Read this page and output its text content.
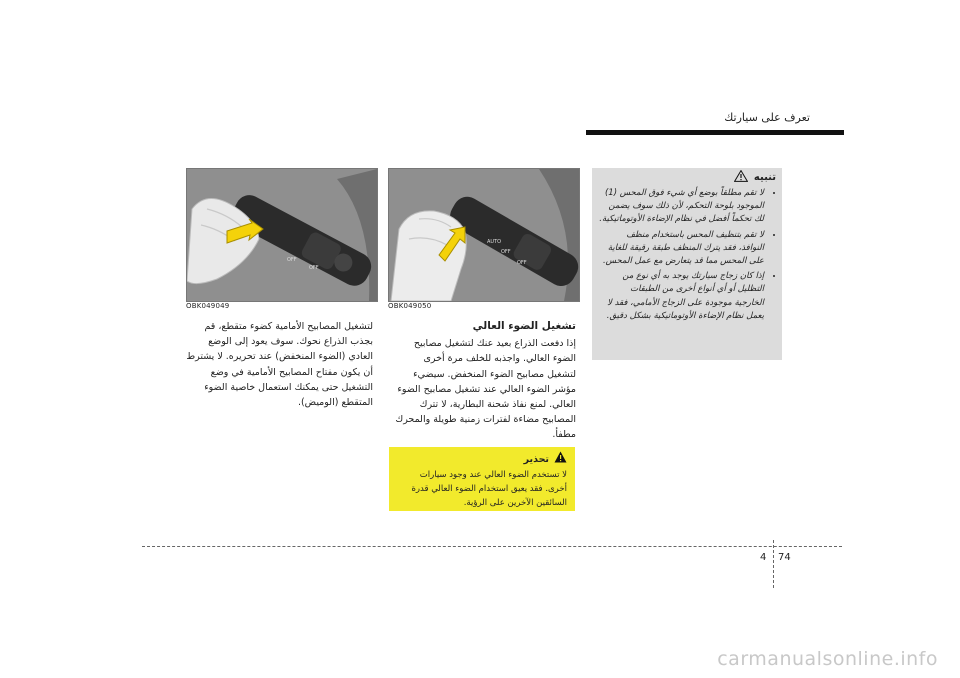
ﺗﻌﺮف ﻋﻠﻰ ﺳﻴﺎرﺗﻚ
OFF
OFF
OBK049049
AUTO
OFF
OFF
OBK049050
ﻟﺘﺸﻐﻴﻞ اﻟﻤﺼﺎﺑﻴﺢ اﻷﻣﺎﻣﻴﺔ ﻛﻀﻮء ﻣﺘﻘﻄﻊ، ﻗﻢ ﺑﺠﺬب اﻟﺬراع ﻧﺤﻮك. ﺳﻮف ﻳﻌﻮد إﻟﻰ اﻟﻮﺿﻊ اﻟﻌﺎدي (اﻟﻀﻮء اﻟﻤﻨﺨﻔﺾ) ﻋﻨﺪ ﺗﺤﺮﻳﺮه. ﻻ ﻳﺸﺘﺮط أن ﻳﻜﻮن ﻣﻔﺘﺎح اﻟﻤﺼﺎﺑﻴﺢ اﻷﻣﺎﻣﻴﺔ ﻓﻲ وﺿﻊ اﻟﺘﺸﻐﻴﻞ ﺣﺘﻰ ﻳﻤﻜﻨﻚ اﺳﺘﻌﻤﺎل ﺧﺎﺻﻴﺔ اﻟﻀﻮء اﻟﻤﺘﻘﻄﻊ (اﻟﻮﻣﻴﺾ).
ﺗﺸﻐﻴﻞ اﻟﻀﻮء اﻟﻌﺎﻟﻲ
إذا دﻓﻌﺖ اﻟﺬراع ﺑﻌﻴﺪ ﻋﻨﻚ ﻟﺘﺸﻐﻴﻞ ﻣﺼﺎﺑﻴﺢ اﻟﻀﻮء اﻟﻌﺎﻟﻲ. واﺟﺬﺑﻪ ﻟﻠﺨﻠﻒ ﻣﺮة أﺧﺮى ﻟﺘﺸﻐﻴﻞ ﻣﺼﺎﺑﻴﺢ اﻟﻀﻮء اﻟﻤﻨﺨﻔﺾ. ﺳﻴﻀﻲء ﻣﺆﺷﺮ اﻟﻀﻮء اﻟﻌﺎﻟﻲ ﻋﻨﺪ ﺗﺸﻐﻴﻞ ﻣﺼﺎﺑﻴﺢ اﻟﻀﻮء اﻟﻌﺎﻟﻲ. ﻟﻤﻨﻊ ﻧﻔﺎذ ﺷﺤﻨﺔ اﻟﺒﻄﺎرﻳﺔ، ﻻ ﺗﺘﺮك اﻟﻤﺼﺎﺑﻴﺢ ﻣﻀﺎءة ﻟﻔﺘﺮات زﻣﻨﻴﺔ ﻃﻮﻳﻠﺔ واﻟﻤﺤﺮك ﻣﻄﻔﺄ.
ﺗﺤﺬﻳﺮ
ﻻ ﺗﺴﺘﺨﺪم اﻟﻀﻮء اﻟﻌﺎﻟﻲ ﻋﻨﺪ وﺟﻮد ﺳﻴﺎرات أﺧﺮى. ﻓﻘﺪ ﻳﻌﻴﻖ اﺳﺘﺨﺪام اﻟﻀﻮء اﻟﻌﺎﻟﻲ ﻗﺪرة اﻟﺴﺎﺋﻘﻴﻦ اﻵﺧﺮﻳﻦ ﻋﻠﻰ اﻟﺮؤﻳﺔ.
ﺗﻨﺒﻴﻪ
• ﻻ ﺗﻘﻢ ﻣﻄﻠﻘﺎً ﺑﻮﺿﻊ أي ﺷﻲء ﻓﻮق اﻟﻤﺤﺲ (1) اﻟﻤﻮﺟﻮد ﺑﻠﻮﺣﺔ اﻟﺘﺤﻜﻢ، ﻷن ذﻟﻚ ﺳﻮف ﻳﻀﻤﻦ ﻟﻚ ﺗﺤﻜﻤﺎً أﻓﻀﻞ ﻓﻲ ﻧﻈﺎم اﻹﺿﺎءة اﻷوﺗﻮﻣﺎﺗﻴﻜﻴﺔ.
• ﻻ ﺗﻘﻢ ﺑﺘﻨﻈﻴﻒ اﻟﻤﺤﺲ ﺑﺎﺳﺘﺨﺪام ﻣﻨﻈﻒ اﻟﻨﻮاﻓﺬ، ﻓﻘﺪ ﻳﺘﺮك اﻟﻤﻨﻈﻒ ﻃﺒﻘﺔ رﻗﻴﻘﺔ ﻟﻠﻐﺎﻳﺔ ﻋﻠﻰ اﻟﻤﺤﺲ ﻣﻤﺎ ﻗﺪ ﻳﺘﻌﺎرض ﻣﻊ ﻋﻤﻞ اﻟﻤﺤﺲ.
• إذا ﻛﺎن زﺟﺎج ﺳﻴﺎرﺗﻚ ﻳﻮﺟﺪ ﺑﻪ أي ﻧﻮع ﻣﻦ اﻟﺘﻈﻠﻴﻞ أو أي أﻧﻮاع أﺧﺮى ﻣﻦ اﻟﻄﺒﻘﺎت اﻟﺨﺎرﺟﻴﺔ ﻣﻮﺟﻮدة ﻋﻠﻰ اﻟﺰﺟﺎج اﻷﻣﺎﻣﻲ، ﻓﻘﺪ ﻻ ﻳﻌﻤﻞ ﻧﻈﺎم اﻹﺿﺎءة اﻷوﺗﻮﻣﺎﺗﻴﻜﻴﺔ ﺑﺸﻜﻞ دﻗﻴﻖ.
4 74
carmanualsonline.info
